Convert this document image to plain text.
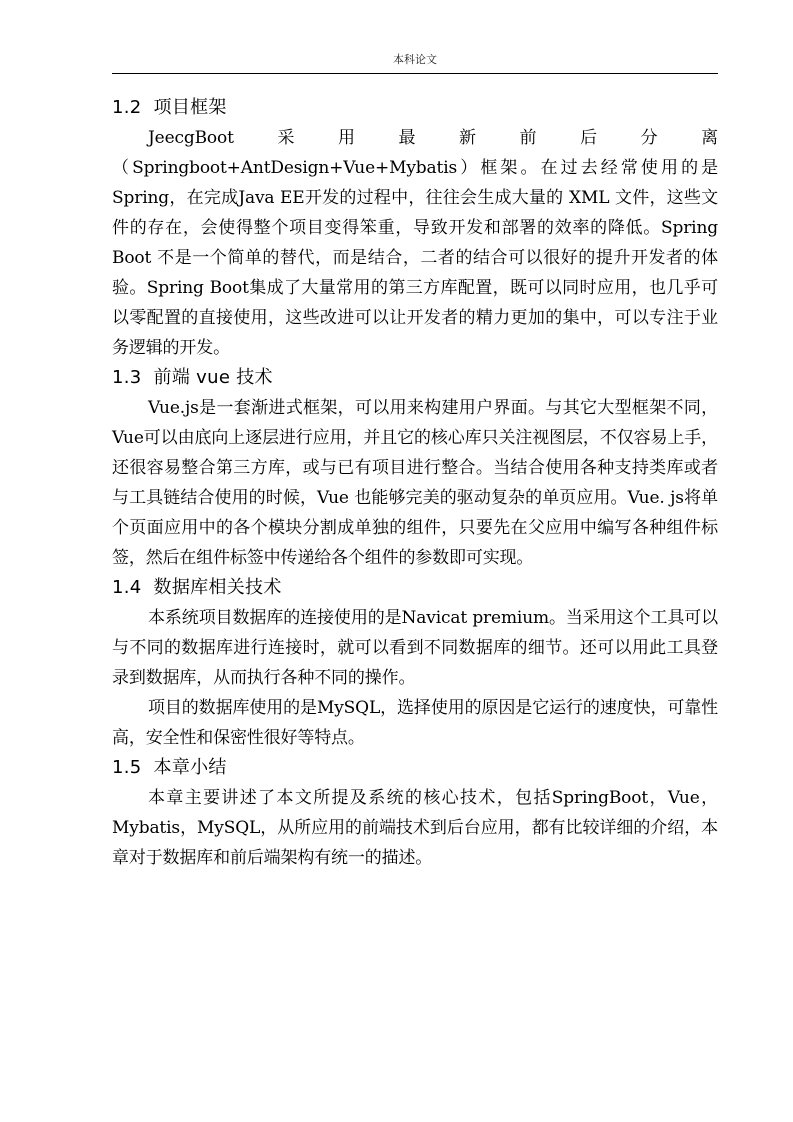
本科论文
1.2 项目框架

JeecgBoot采用最新前后分离（Springboot+AntDesign+Vue+Mybatis）框架。在过去经常使用的是Spring，在完成Java EE开发的过程中，往往会生成大量的 XML 文件，这些文件的存在，会使得整个项目变得笨重，导致开发和部署的效率的降低。Spring Boot 不是一个简单的替代，而是结合，二者的结合可以很好的提升开发者的体验。Spring Boot集成了大量常用的第三方库配置，既可以同时应用，也几乎可以零配置的直接使用，这些改进可以让开发者的精力更加的集中，可以专注于业务逻辑的开发。

1.3 前端 vue 技术

Vue.js是一套渐进式框架，可以用来构建用户界面。与其它大型框架不同，Vue可以由底向上逐层进行应用，并且它的核心库只关注视图层，不仅容易上手，还很容易整合第三方库，或与已有项目进行整合。当结合使用各种支持类库或者与工具链结合使用的时候，Vue 也能够完美的驱动复杂的单页应用。Vue. js将单个页面应用中的各个模块分割成单独的组件，只要先在父应用中编写各种组件标签，然后在组件标签中传递给各个组件的参数即可实现。

1.4 数据库相关技术

本系统项目数据库的连接使用的是Navicat premium。当采用这个工具可以与不同的数据库进行连接时，就可以看到不同数据库的细节。还可以用此工具登录到数据库，从而执行各种不同的操作。

项目的数据库使用的是MySQL，选择使用的原因是它运行的速度快，可靠性高，安全性和保密性很好等特点。

1.5 本章小结

本章主要讲述了本文所提及系统的核心技术，包括SpringBoot，Vue，Mybatis，MySQL，从所应用的前端技术到后台应用，都有比较详细的介绍，本章对于数据库和前后端架构有统一的描述。
